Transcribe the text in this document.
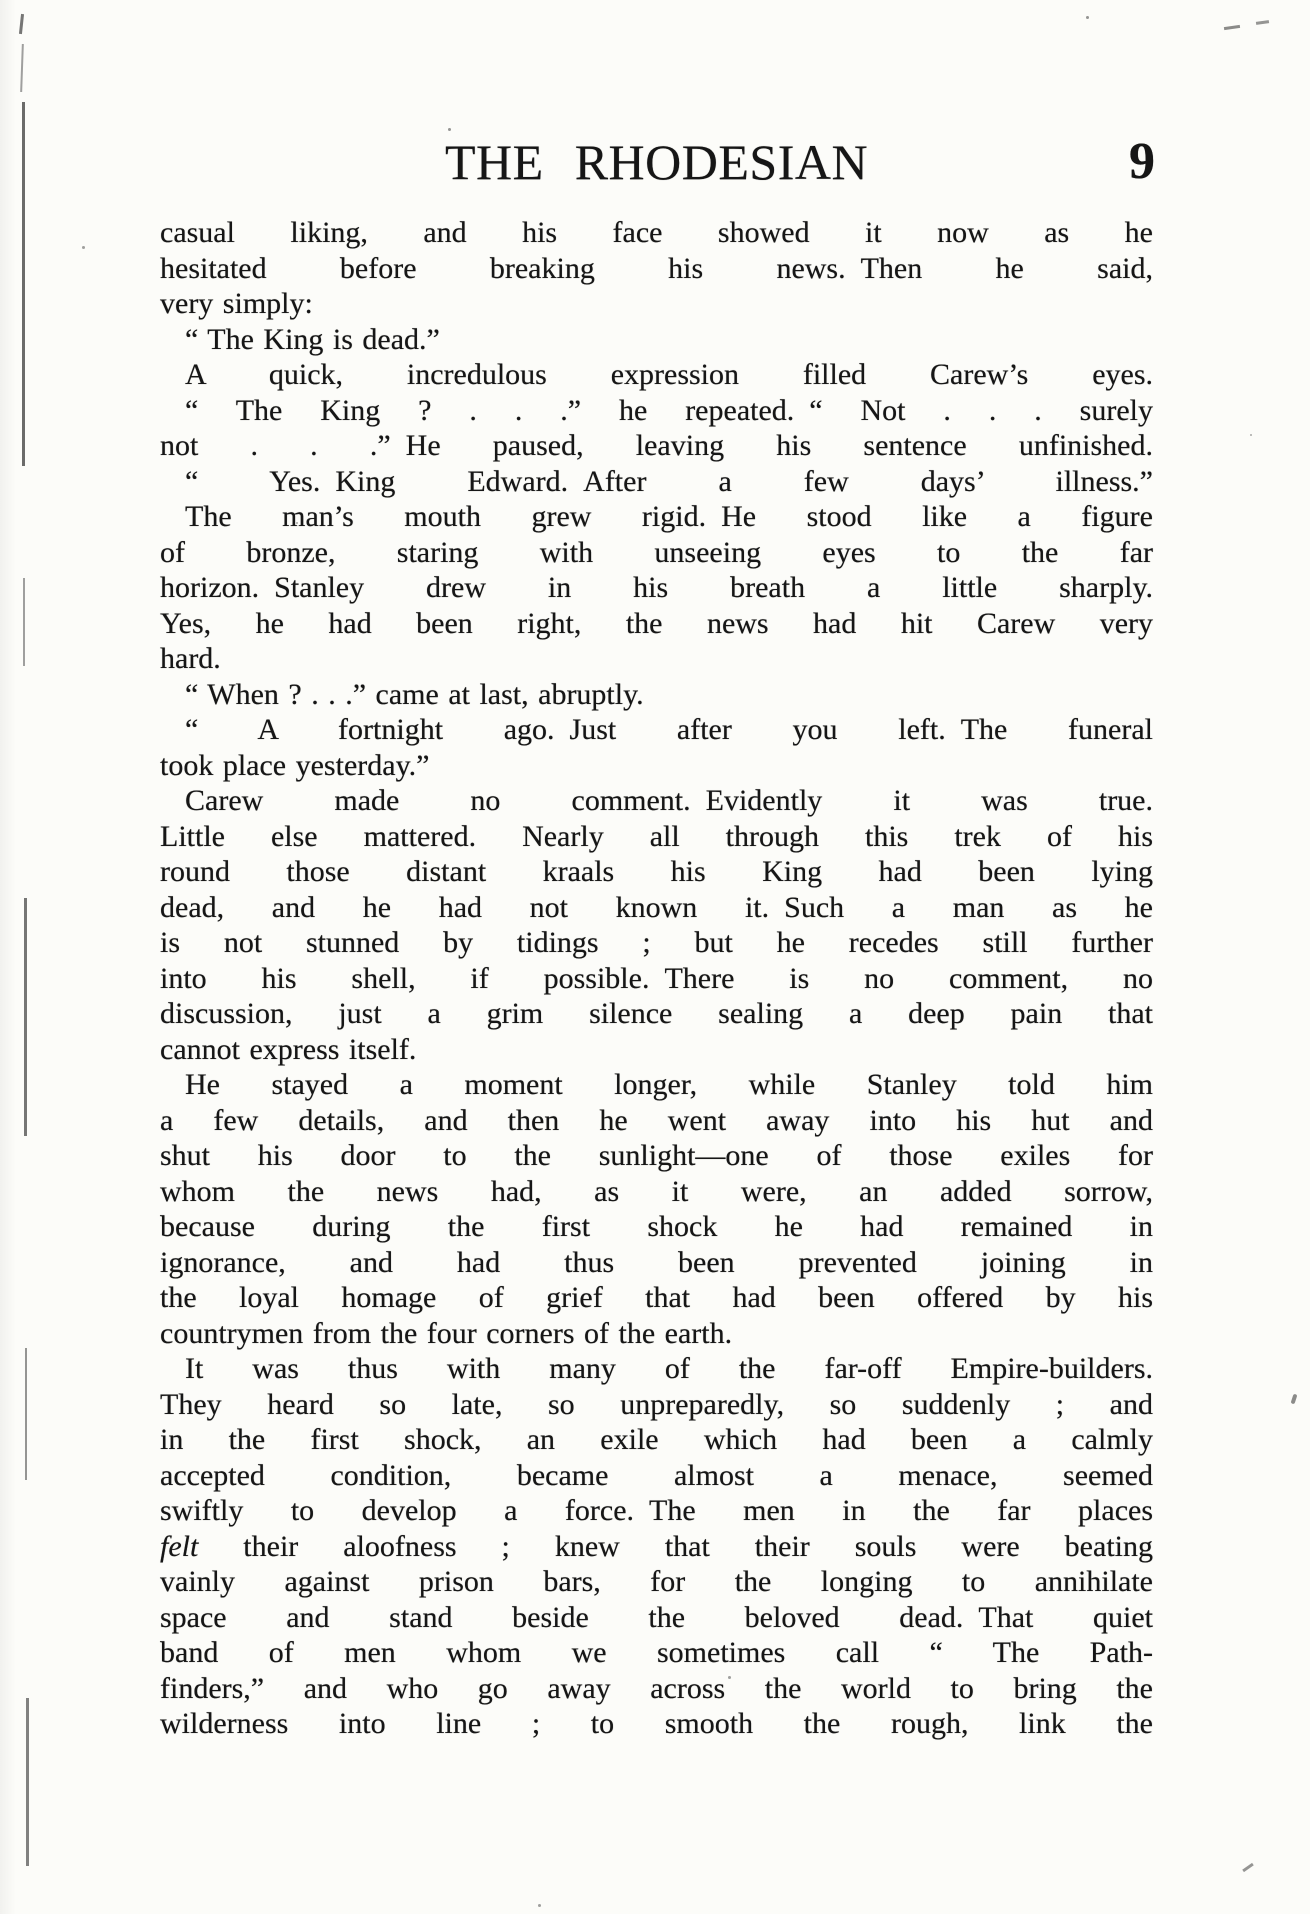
THE RHODESIAN	9
casual liking, and his face showed it now as he
hesitated before breaking his news. Then he said,
very simply:
“ The King is dead.”
A quick, incredulous expression filled Carew’s eyes.
“ The King ? . . .” he repeated. “ Not . . . surely
not . . .” He paused, leaving his sentence unfinished.
“ Yes. King Edward. After a few days’ illness.”
The man’s mouth grew rigid. He stood like a figure
of bronze, staring with unseeing eyes to the far
horizon. Stanley drew in his breath a little sharply.
Yes, he had been right, the news had hit Carew very
hard.
“ When ? . . .” came at last, abruptly.
“ A fortnight ago. Just after you left. The funeral
took place yesterday.”
Carew made no comment. Evidently it was true.
Little else mattered. Nearly all through this trek of his
round those distant kraals his King had been lying
dead, and he had not known it. Such a man as he
is not stunned by tidings ; but he recedes still further
into his shell, if possible. There is no comment, no
discussion, just a grim silence sealing a deep pain that
cannot express itself.
He stayed a moment longer, while Stanley told him
a few details, and then he went away into his hut and
shut his door to the sunlight—one of those exiles for
whom the news had, as it were, an added sorrow,
because during the first shock he had remained in
ignorance, and had thus been prevented joining in
the loyal homage of grief that had been offered by his
countrymen from the four corners of the earth.
It was thus with many of the far-off Empire-builders.
They heard so late, so unpreparedly, so suddenly ; and
in the first shock, an exile which had been a calmly
accepted condition, became almost a menace, seemed
swiftly to develop a force. The men in the far places
felt their aloofness ; knew that their souls were beating
vainly against prison bars, for the longing to annihilate
space and stand beside the beloved dead. That quiet
band of men whom we sometimes call “ The Path-
finders,” and who go away across the world to bring the
wilderness into line ; to smooth the rough, link the
